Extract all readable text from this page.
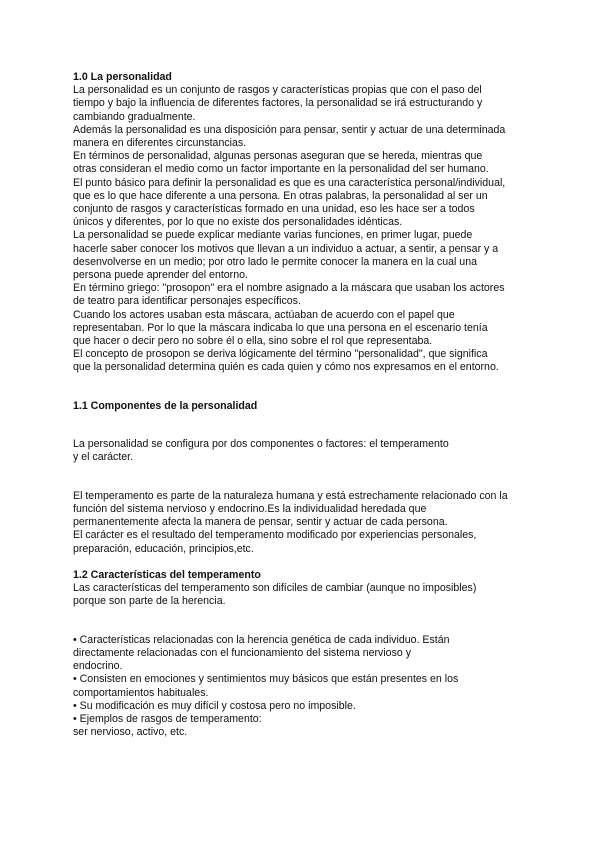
1.0 La personalidad

La personalidad es un conjunto de rasgos y características propias que con el paso del

tiempo y bajo la influencia de diferentes factores, la personalidad se irá estructurando y

cambiando gradualmente.

Además la personalidad es una disposición para pensar, sentir y actuar de una determinada

manera en diferentes circunstancias.

En términos de personalidad, algunas personas aseguran que se hereda, mientras que

otras consideran el medio como un factor importante en la personalidad del ser humano.

El punto básico para definir la personalidad es que es una característica personal/individual,

que es lo que hace diferente a una persona. En otras palabras, la personalidad al ser un

conjunto de rasgos y características formado en una unidad, eso les hace ser a todos

únicos y diferentes, por lo que no existe dos personalidades idénticas.

La personalidad se puede explicar mediante varias funciones, en primer lugar, puede

hacerle saber conocer los motivos que llevan a un individuo a actuar, a sentir, a pensar y a

desenvolverse en un medio; por otro lado le permite conocer la manera en la cual una

persona puede aprender del entorno.

En término griego: "prosopon" era el nombre asignado a la máscara que usaban los actores

de teatro para identificar personajes específicos.

Cuando los actores usaban esta máscara, actúaban de acuerdo con el papel que

representaban. Por lo que la máscara indicaba lo que una persona en el escenario tenía

que hacer o decir pero no sobre él o ella, sino sobre el rol que representaba.

El concepto de prosopon se deriva lógicamente del término "personalidad", que significa

que la personalidad determina quién es cada quien y cómo nos expresamos en el entorno.

1.1 Componentes de la personalidad

La personalidad se configura por dos componentes o factores: el temperamento

y el carácter.

El temperamento es parte de la naturaleza humana y está estrechamente relacionado con la

función del sistema nervioso y endocrino.Es la individualidad heredada que

permanentemente afecta la manera de pensar, sentir y actuar de cada persona.

El carácter es el resultado del temperamento modificado por experiencias personales,

preparación, educación, principios,etc.

1.2 Características del temperamento

Las características del temperamento son difíciles de cambiar (aunque no imposibles)

porque son parte de la herencia.

• Características relacionadas con la herencia genética de cada individuo. Están

directamente relacionadas con el funcionamiento del sistema nervioso y

endocrino.

• Consisten en emociones y sentimientos muy básicos que están presentes en los

comportamientos habituales.

• Su modificación es muy difícil y costosa pero no imposible.

• Ejemplos de rasgos de temperamento:

ser nervioso, activo, etc.
